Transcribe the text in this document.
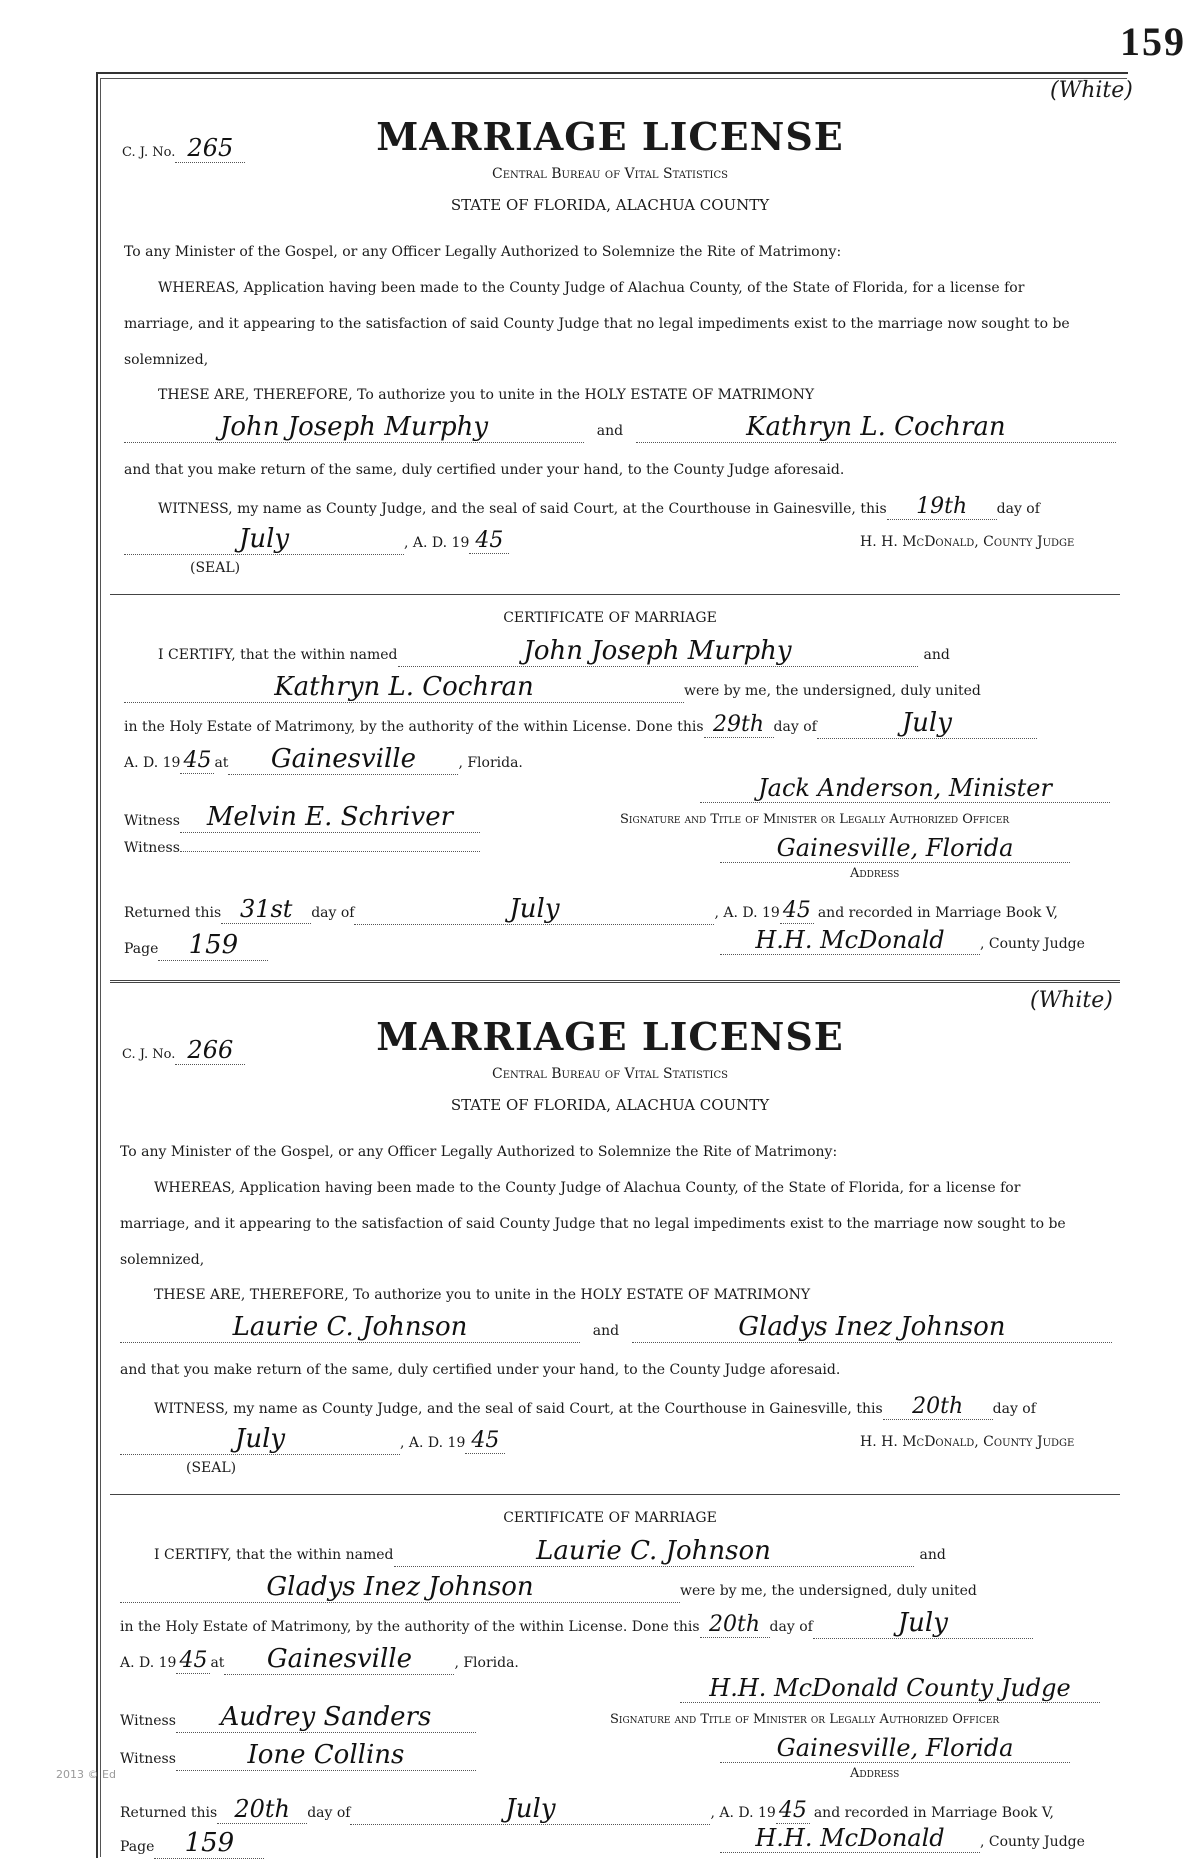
159
(White)
C. J. No. 265	MARRIAGE LICENSE
Central Bureau of Vital Statistics
STATE OF FLORIDA, ALACHUA COUNTY
To any Minister of the Gospel, or any Officer Legally Authorized to Solemnize the Rite of Matrimony:
WHEREAS, Application having been made to the County Judge of Alachua County, of the State of Florida, for a license for
marriage, and it appearing to the satisfaction of said County Judge that no legal impediments exist to the marriage now sought to be
solemnized,
THESE ARE, THEREFORE, To authorize you to unite in the HOLY ESTATE OF MATRIMONY
John Joseph Murphy	and	Kathryn L. Cochran
and that you make return of the same, duly certified under your hand, to the County Judge aforesaid.
WITNESS, my name as County Judge, and the seal of said Court, at the Courthouse in Gainesville, this 19th day of
July	, A. D. 19 45	H. H. McDonald, County Judge
(SEAL)
CERTIFICATE OF MARRIAGE
I CERTIFY, that the within named	John Joseph Murphy	and
Kathryn L. Cochran	were by me, the undersigned, duly united
in the Holy Estate of Matrimony, by the authority of the within License. Done this 29th day of	July
A. D. 19 45 at Gainesville	, Florida.
Jack Anderson, Minister
Witness Melvin E. Schriver	Signature and Title of Minister or Legally Authorized Officer
Witness	Gainesville, Florida
Address
Returned this 31st day of	July	, A. D. 19 45 and recorded in Marriage Book V,
Page 159	H.H. McDonald	, County Judge
(White)
C. J. No. 266	MARRIAGE LICENSE
Central Bureau of Vital Statistics
STATE OF FLORIDA, ALACHUA COUNTY
To any Minister of the Gospel, or any Officer Legally Authorized to Solemnize the Rite of Matrimony:
WHEREAS, Application having been made to the County Judge of Alachua County, of the State of Florida, for a license for
marriage, and it appearing to the satisfaction of said County Judge that no legal impediments exist to the marriage now sought to be
solemnized,
THESE ARE, THEREFORE, To authorize you to unite in the HOLY ESTATE OF MATRIMONY
Laurie C. Johnson	and	Gladys Inez Johnson
and that you make return of the same, duly certified under your hand, to the County Judge aforesaid.
WITNESS, my name as County Judge, and the seal of said Court, at the Courthouse in Gainesville, this 20th day of
July	, A. D. 19 45	H. H. McDonald, County Judge
(SEAL)
CERTIFICATE OF MARRIAGE
I CERTIFY, that the within named	Laurie C. Johnson	and
Gladys Inez Johnson	were by me, the undersigned, duly united
in the Holy Estate of Matrimony, by the authority of the within License. Done this 20th day of	July
A. D. 19 45 at Gainesville	, Florida.
H.H. McDonald County Judge
Witness Audrey Sanders	Signature and Title of Minister or Legally Authorized Officer
Witness	Ione Collins	Gainesville, Florida
Address
Returned this 20th day of	July	, A. D. 19 45 and recorded in Marriage Book V,
Page 159	H.H. McDonald	, County Judge
2013 © Ed
